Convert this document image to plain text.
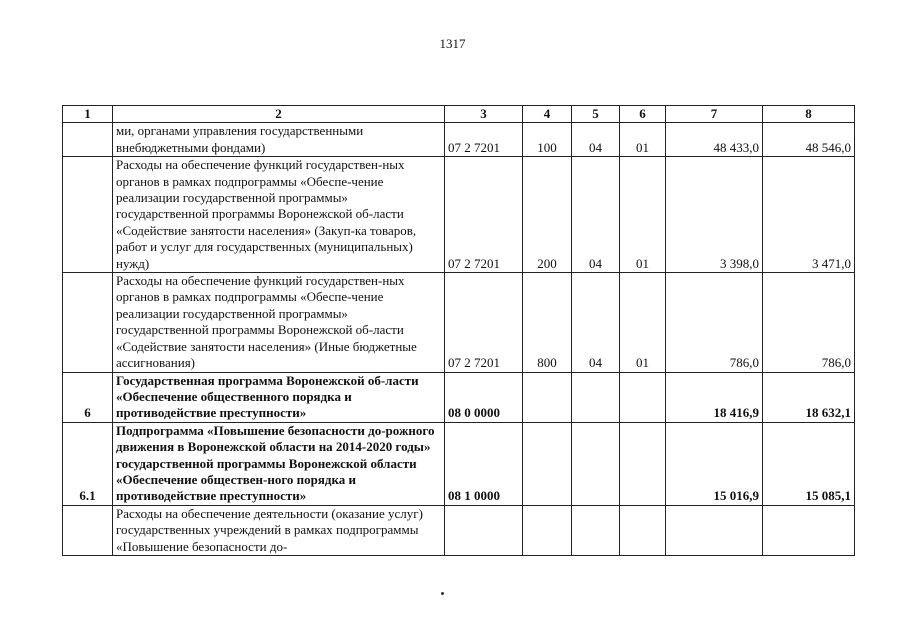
1317
1	2	3	4	5	6	7	8
	ми, органами управления государственными внебюджетными фондами)	07 2 7201	100	04	01	48 433,0	48 546,0
	Расходы на обеспечение функций государствен-ных органов в рамках подпрограммы «Обеспе-чение реализации государственной программы» государственной программы Воронежской об-ласти «Содействие занятости населения» (Закуп-ка товаров, работ и услуг для государственных (муниципальных) нужд)	07 2 7201	200	04	01	3 398,0	3 471,0
	Расходы на обеспечение функций государствен-ных органов в рамках подпрограммы «Обеспе-чение реализации государственной программы» государственной программы Воронежской об-ласти «Содействие занятости населения» (Иные бюджетные ассигнования)	07 2 7201	800	04	01	786,0	786,0
6	Государственная программа Воронежской об-ласти «Обеспечение общественного порядка и противодействие преступности»	08 0 0000				18 416,9	18 632,1
6.1	Подпрограмма «Повышение безопасности до-рожного движения в Воронежской области на 2014-2020 годы» государственной программы Воронежской области «Обеспечение обществен-ного порядка и противодействие преступности»	08 1 0000				15 016,9	15 085,1
	Расходы на обеспечение деятельности (оказание услуг) государственных учреждений в рамках подпрограммы «Повышение безопасности до-						
